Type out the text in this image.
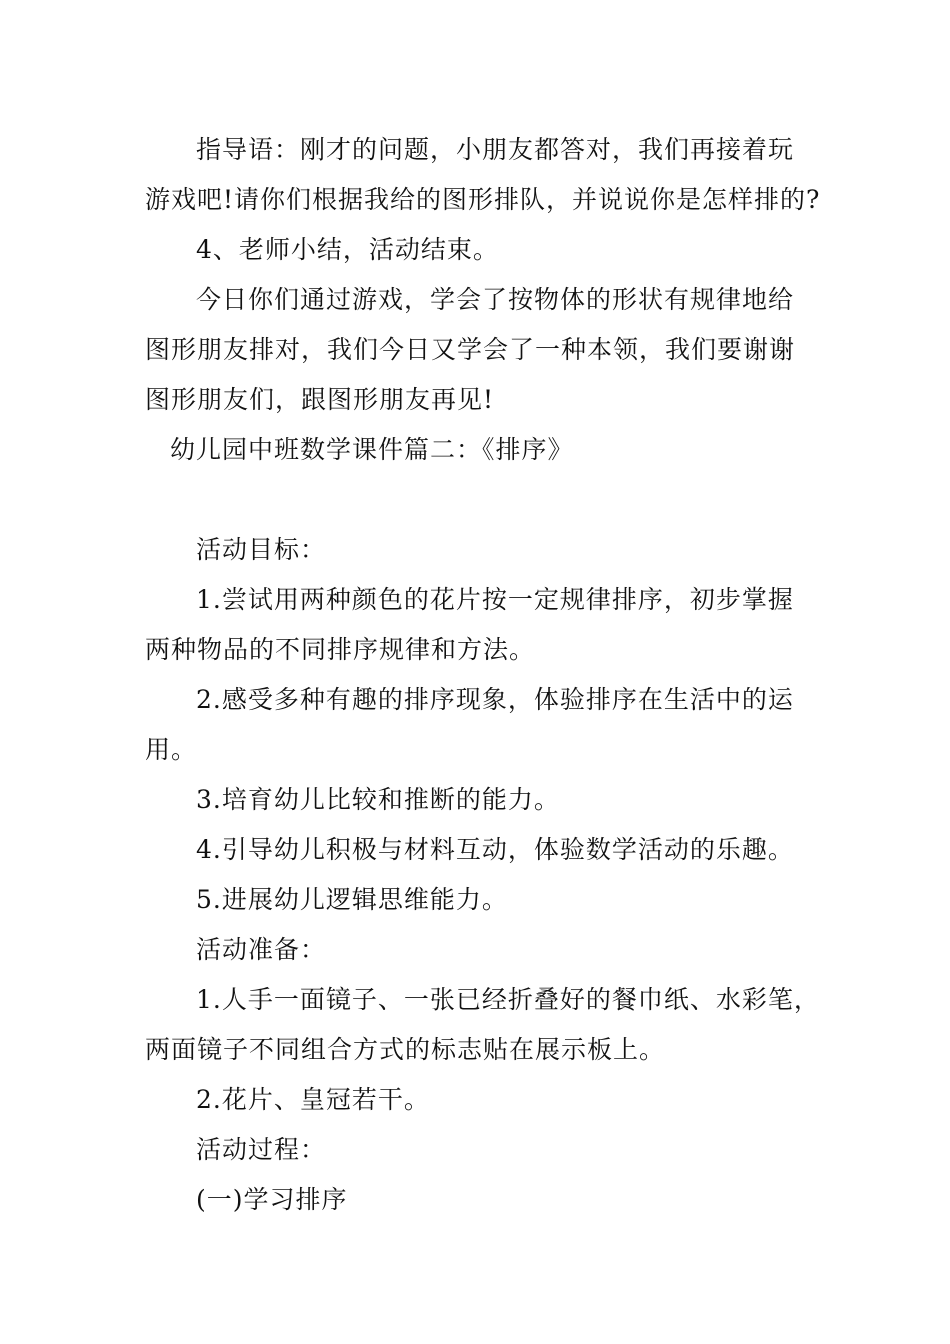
指导语：刚才的问题，小朋友都答对，我们再接着玩
游戏吧!请你们根据我给的图形排队，并说说你是怎样排的?
4、老师小结，活动结束。
今日你们通过游戏，学会了按物体的形状有规律地给
图形朋友排对，我们今日又学会了一种本领，我们要谢谢
图形朋友们，跟图形朋友再见!
幼儿园中班数学课件篇二：《排序》
活动目标：
1.尝试用两种颜色的花片按一定规律排序，初步掌握
两种物品的不同排序规律和方法。
2.感受多种有趣的排序现象，体验排序在生活中的运
用。
3.培育幼儿比较和推断的能力。
4.引导幼儿积极与材料互动，体验数学活动的乐趣。
5.进展幼儿逻辑思维能力。
活动准备：
1.人手一面镜子、一张已经折叠好的餐巾纸、水彩笔，
两面镜子不同组合方式的标志贴在展示板上。
2.花片、皇冠若干。
活动过程：
(一)学习排序
